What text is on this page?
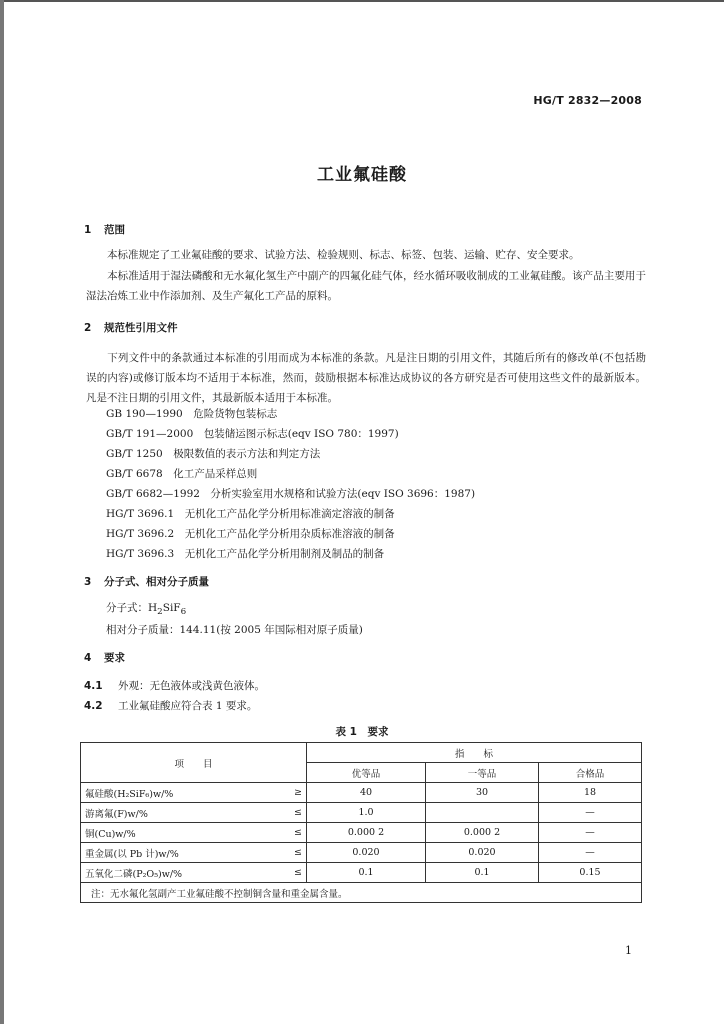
HG/T 2832—2008
工业氟硅酸
1 范围
本标准规定了工业氟硅酸的要求、试验方法、检验规则、标志、标签、包装、运输、贮存、安全要求。
本标准适用于湿法磷酸和无水氟化氢生产中副产的四氟化硅气体，经水循环吸收制成的工业氟硅酸。该产品主要用于湿法冶炼工业中作添加剂、及生产氟化工产品的原料。
2 规范性引用文件
下列文件中的条款通过本标准的引用而成为本标准的条款。凡是注日期的引用文件，其随后所有的修改单(不包括勘误的内容)或修订版本均不适用于本标准，然而，鼓励根据本标准达成协议的各方研究是否可使用这些文件的最新版本。凡是不注日期的引用文件，其最新版本适用于本标准。
GB 190—1990　危险货物包装标志
GB/T 191—2000　包装储运图示标志(eqv ISO 780：1997)
GB/T 1250　极限数值的表示方法和判定方法
GB/T 6678　化工产品采样总则
GB/T 6682—1992　分析实验室用水规格和试验方法(eqv ISO 3696：1987)
HG/T 3696.1　无机化工产品化学分析用标准滴定溶液的制备
HG/T 3696.2　无机化工产品化学分析用杂质标准溶液的制备
HG/T 3696.3　无机化工产品化学分析用制剂及制品的制备
3 分子式、相对分子质量
分子式：$H_2SiF_6$
相对分子质量：144.11(按 2005 年国际相对原子质量)
4 要求
4.1 外观：无色液体或浅黄色液体。
4.2 工业氟硅酸应符合表 1 要求。
表 1　要求
项　　目		指　　标		
		优等品	一等品	合格品
氟硅酸(H₂SiF₆)w/%	≥	40	30	18
游离氟(F)w/%	≤	1.0		—
铜(Cu)w/%	≤	0.000 2	0.000 2	—
重金属(以 Pb 计)w/%	≤	0.020	0.020	—
五氧化二磷(P₂O₅)w/%	≤	0.1	0.1	0.15
注：无水氟化氢副产工业氟硅酸不控制铜含量和重金属含量。				
1
